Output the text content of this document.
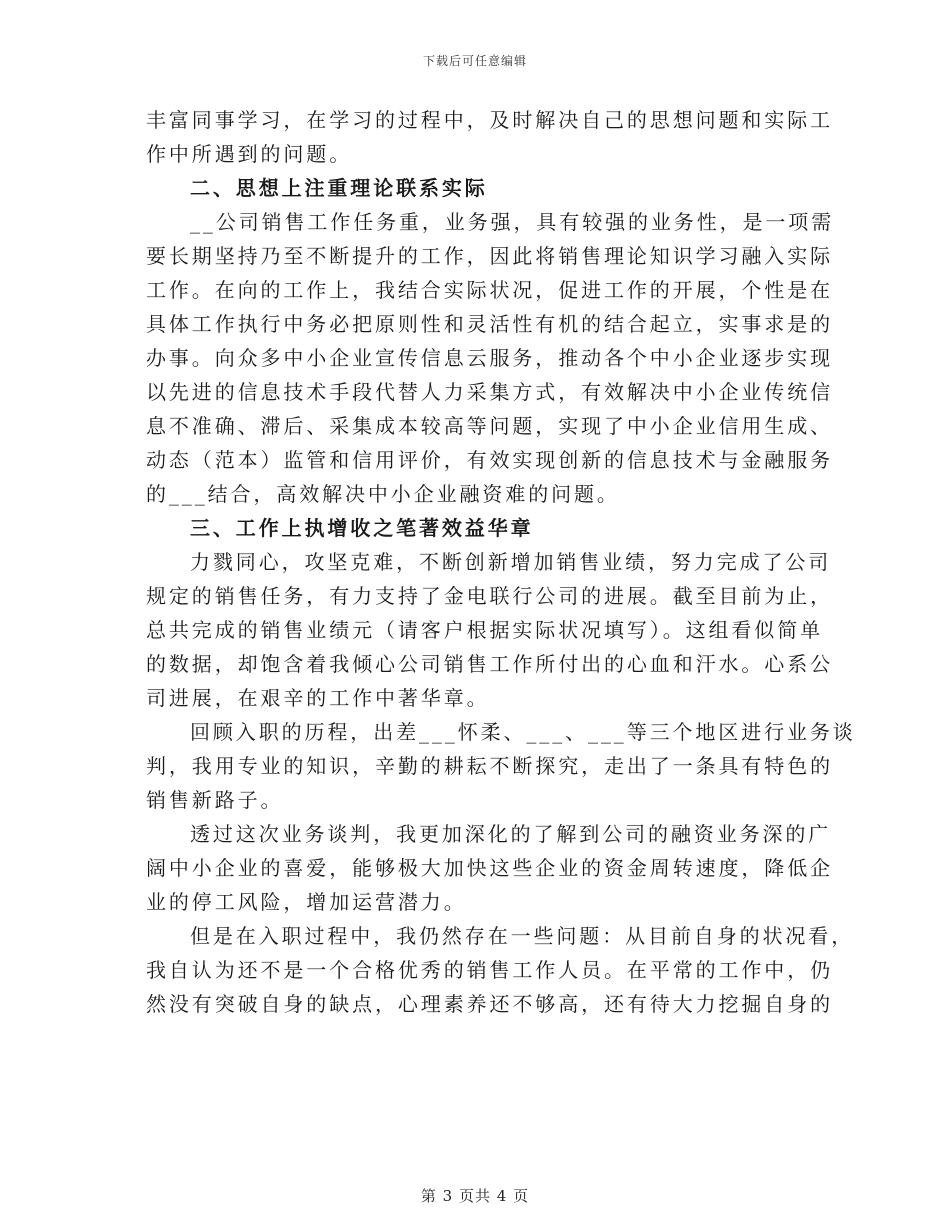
下载后可任意编辑
丰富同事学习，在学习的过程中，及时解决自己的思想问题和实际工
作中所遇到的问题。
二、思想上注重理论联系实际
__公司销售工作任务重，业务强，具有较强的业务性，是一项需
要长期坚持乃至不断提升的工作，因此将销售理论知识学习融入实际
工作。在向的工作上，我结合实际状况，促进工作的开展，个性是在
具体工作执行中务必把原则性和灵活性有机的结合起立，实事求是的
办事。向众多中小企业宣传信息云服务，推动各个中小企业逐步实现
以先进的信息技术手段代替人力采集方式，有效解决中小企业传统信
息不准确、滞后、采集成本较高等问题，实现了中小企业信用生成、
动态（范本）监管和信用评价，有效实现创新的信息技术与金融服务
的___结合，高效解决中小企业融资难的问题。
三、工作上执增收之笔著效益华章
力戮同心，攻坚克难，不断创新增加销售业绩，努力完成了公司
规定的销售任务，有力支持了金电联行公司的进展。截至目前为止，
总共完成的销售业绩元（请客户根据实际状况填写）。这组看似简单
的数据，却饱含着我倾心公司销售工作所付出的心血和汗水。心系公
司进展，在艰辛的工作中著华章。
回顾入职的历程，出差___怀柔、___、___等三个地区进行业务谈
判，我用专业的知识，辛勤的耕耘不断探究，走出了一条具有特色的
销售新路子。
透过这次业务谈判，我更加深化的了解到公司的融资业务深的广
阔中小企业的喜爱，能够极大加快这些企业的资金周转速度，降低企
业的停工风险，增加运营潜力。
但是在入职过程中，我仍然存在一些问题：从目前自身的状况看，
我自认为还不是一个合格优秀的销售工作人员。在平常的工作中，仍
然没有突破自身的缺点，心理素养还不够高，还有待大力挖掘自身的
第 3 页共 4 页
